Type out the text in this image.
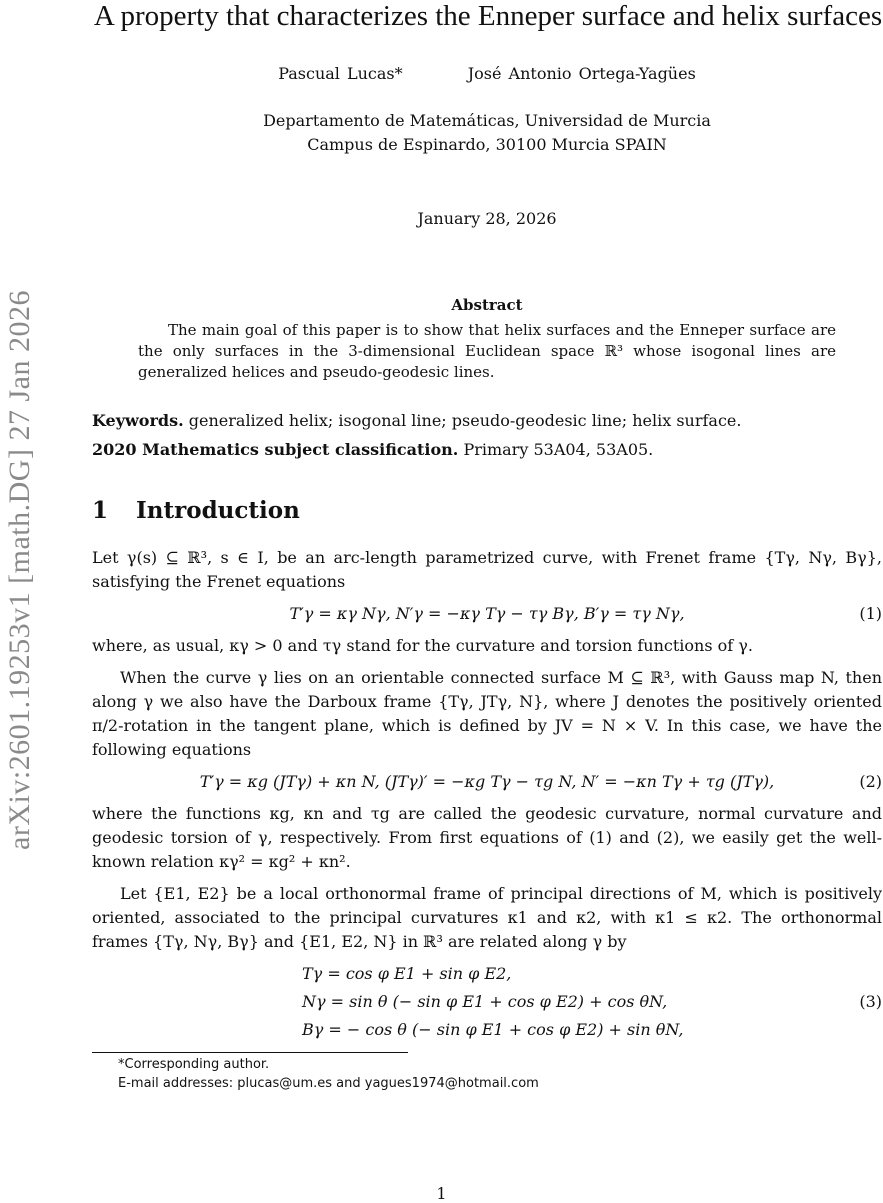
arXiv:2601.19253v1 [math.DG] 27 Jan 2026
A property that characterizes the Enneper surface and helix surfaces
Pascual Lucas*	José Antonio Ortega-Yagües
Departamento de Matemáticas, Universidad de Murcia
Campus de Espinardo, 30100 Murcia SPAIN
January 28, 2026
Abstract
The main goal of this paper is to show that helix surfaces and the Enneper surface are the only surfaces in the 3-dimensional Euclidean space ℝ³ whose isogonal lines are generalized helices and pseudo-geodesic lines.
Keywords. generalized helix; isogonal line; pseudo-geodesic line; helix surface.
2020 Mathematics subject classification. Primary 53A04, 53A05.
1 Introduction

Let γ(s) ⊆ ℝ³, s ∈ I, be an arc-length parametrized curve, with Frenet frame {Tγ, Nγ, Bγ}, satisfying the Frenet equations

T′γ = κγ Nγ, N′γ = −κγ Tγ − τγ Bγ, B′γ = τγ Nγ,	(1)

where, as usual, κγ > 0 and τγ stand for the curvature and torsion functions of γ.

When the curve γ lies on an orientable connected surface M ⊆ ℝ³, with Gauss map N, then along γ we also have the Darboux frame {Tγ, JTγ, N}, where J denotes the positively oriented π/2-rotation in the tangent plane, which is defined by JV = N × V. In this case, we have the following equations

T′γ = κg (JTγ) + κn N, (JTγ)′ = −κg Tγ − τg N, N′ = −κn Tγ + τg (JTγ),	(2)

where the functions κg, κn and τg are called the geodesic curvature, normal curvature and geodesic torsion of γ, respectively. From first equations of (1) and (2), we easily get the well-known relation κγ² = κg² + κn².

Let {E1, E2} be a local orthonormal frame of principal directions of M, which is positively oriented, associated to the principal curvatures κ1 and κ2, with κ1 ≤ κ2. The orthonormal frames {Tγ, Nγ, Bγ} and {E1, E2, N} in ℝ³ are related along γ by

Tγ = cos φ E1 + sin φ E2,
Nγ = sin θ (− sin φ E1 + cos φ E2) + cos θN,
Bγ = − cos θ (− sin φ E1 + cos φ E2) + sin θN,
(3)
*Corresponding author.
E-mail addresses: plucas@um.es and yagues1974@hotmail.com
1
